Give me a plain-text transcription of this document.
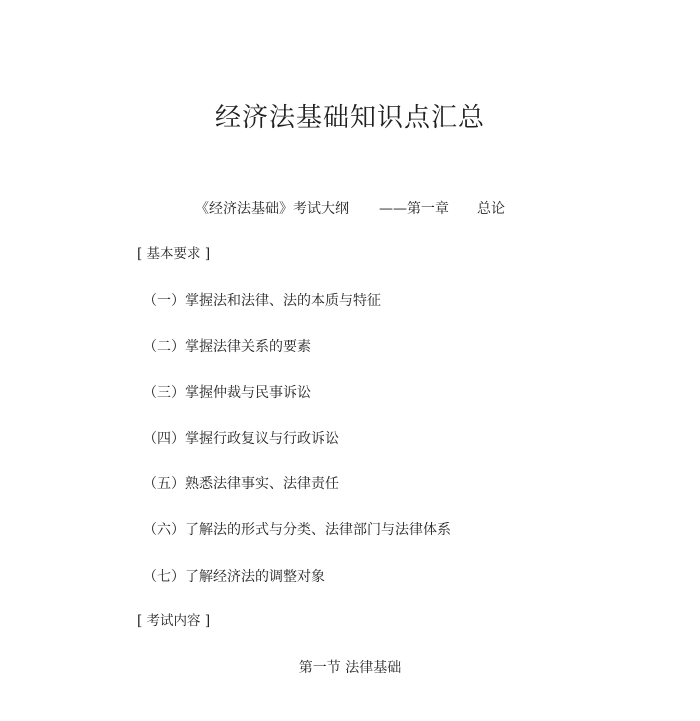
经济法基础知识点汇总
《经济法基础》考试大纲 ——第一章 总论
[ 基本要求 ]
（一）掌握法和法律、法的本质与特征
（二）掌握法律关系的要素
（三）掌握仲裁与民事诉讼
（四）掌握行政复议与行政诉讼
（五）熟悉法律事实、法律责任
（六）了解法的形式与分类、法律部门与法律体系
（七）了解经济法的调整对象
[ 考试内容 ]
第一节 法律基础
